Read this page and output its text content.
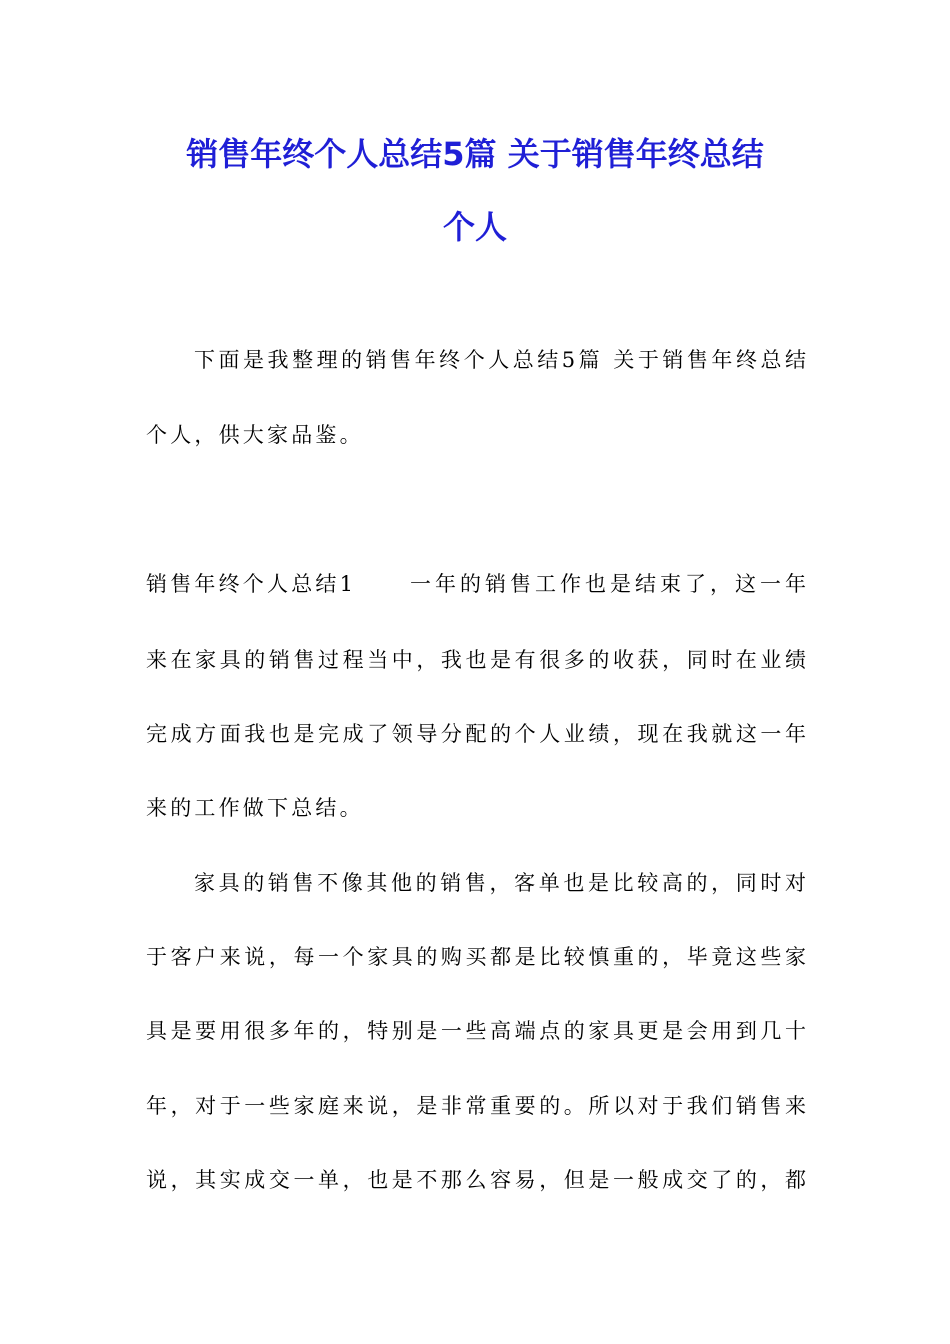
销售年终个人总结5篇 关于销售年终总结
个人
下面是我整理的销售年终个人总结5篇 关于销售年终总结
个人，供大家品鉴。
销售年终个人总结1	一年的销售工作也是结束了，这一年
来在家具的销售过程当中，我也是有很多的收获，同时在业绩
完成方面我也是完成了领导分配的个人业绩，现在我就这一年
来的工作做下总结。
家具的销售不像其他的销售，客单也是比较高的，同时对
于客户来说，每一个家具的购买都是比较慎重的，毕竟这些家
具是要用很多年的，特别是一些高端点的家具更是会用到几十
年，对于一些家庭来说，是非常重要的。所以对于我们销售来
说，其实成交一单，也是不那么容易，但是一般成交了的，都
